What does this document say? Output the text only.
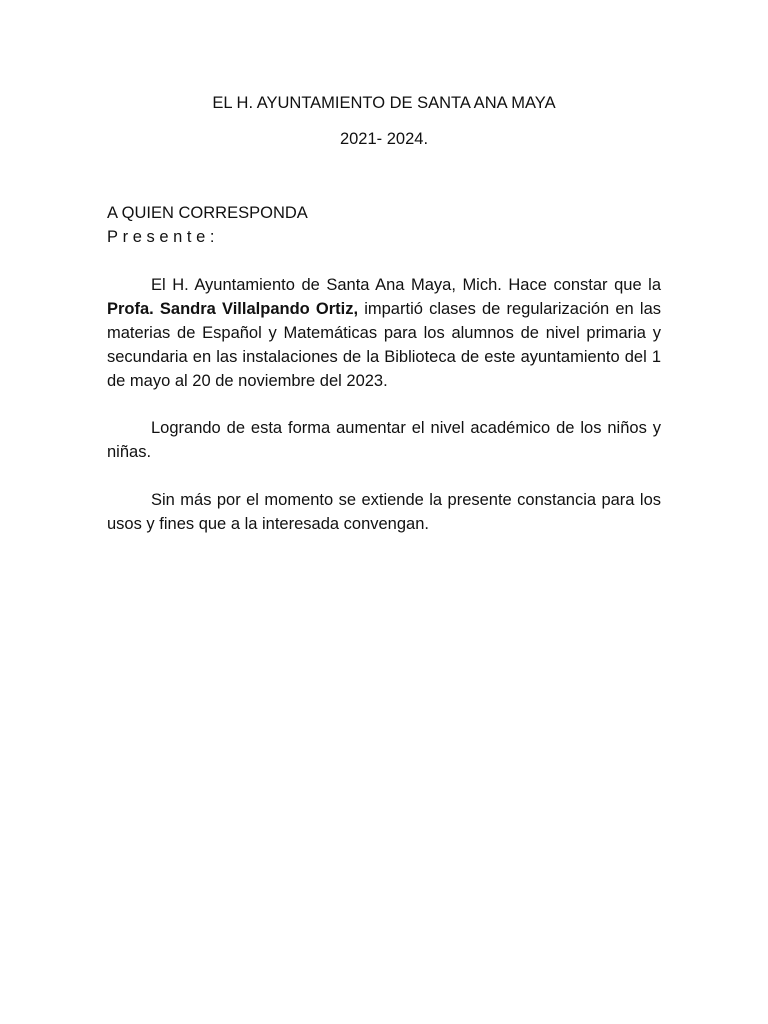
EL H. AYUNTAMIENTO DE SANTA ANA MAYA
2021- 2024.
A QUIEN CORRESPONDA
Presente:

El H. Ayuntamiento de Santa Ana Maya, Mich. Hace constar que la Profa. Sandra Villalpando Ortiz, impartió clases de regularización en las materias de Español y Matemáticas para los alumnos de nivel primaria y secundaria en las instalaciones de la Biblioteca de este ayuntamiento del 1 de mayo al 20 de noviembre del 2023.

Logrando de esta forma aumentar el nivel académico de los niños y niñas.

Sin más por el momento se extiende la presente constancia para los usos y fines que a la interesada convengan.
